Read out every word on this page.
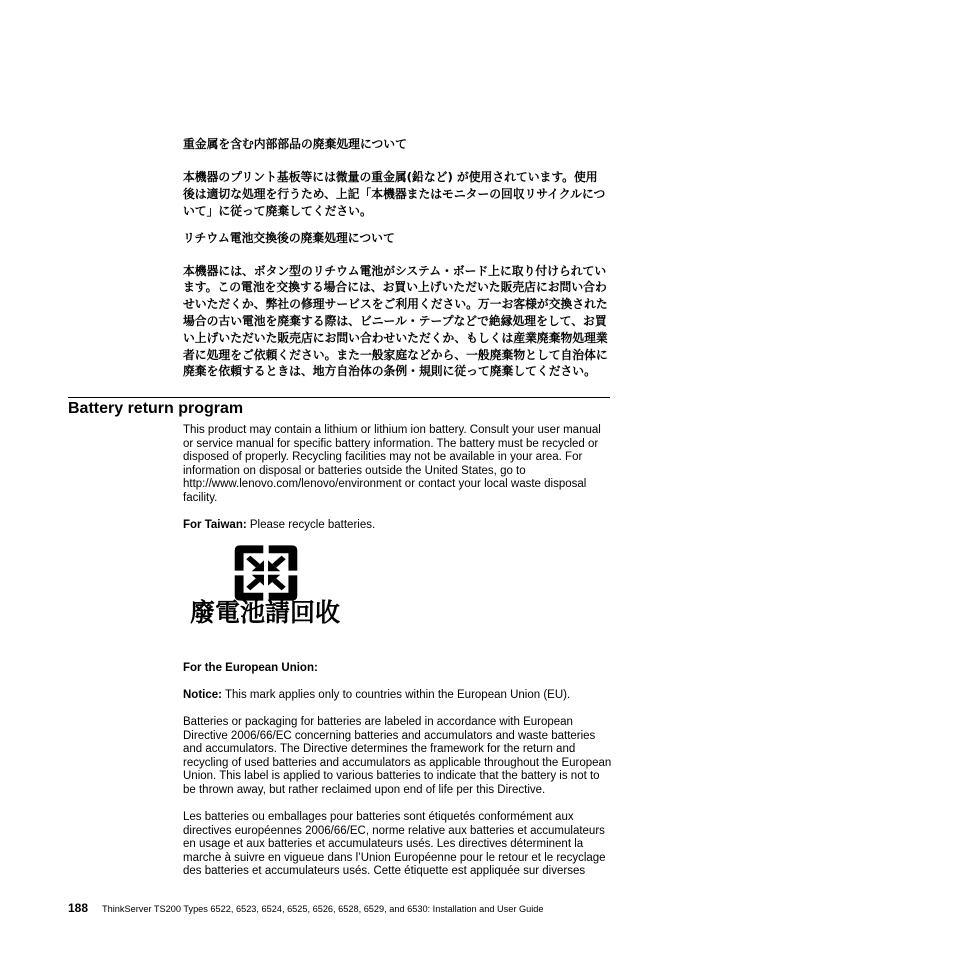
重金属を含む内部部品の廃棄処理について
本機器のプリント基板等には微量の重金属(鉛など) が使用されています。使用
後は適切な処理を行うため、上記「本機器またはモニターの回収リサイクルにつ
いて」に従って廃棄してください。
リチウム電池交換後の廃棄処理について
本機器には、ボタン型のリチウム電池がシステム・ボード上に取り付けられてい
ます。この電池を交換する場合には、お買い上げいただいた販売店にお問い合わ
せいただくか、弊社の修理サービスをご利用ください。万一お客様が交換された
場合の古い電池を廃棄する際は、ビニール・テープなどで絶縁処理をして、お買
い上げいただいた販売店にお問い合わせいただくか、もしくは産業廃棄物処理業
者に処理をご依頼ください。また一般家庭などから、一般廃棄物として自治体に
廃棄を依頼するときは、地方自治体の条例・規則に従って廃棄してください。
Battery return program
This product may contain a lithium or lithium ion battery. Consult your user manual
or service manual for specific battery information. The battery must be recycled or
disposed of properly. Recycling facilities may not be available in your area. For
information on disposal or batteries outside the United States, go to
http://www.lenovo.com/lenovo/environment or contact your local waste disposal
facility.
For Taiwan: Please recycle batteries.
廢電池請回收
For the European Union:
Notice: This mark applies only to countries within the European Union (EU).
Batteries or packaging for batteries are labeled in accordance with European
Directive 2006/66/EC concerning batteries and accumulators and waste batteries
and accumulators. The Directive determines the framework for the return and
recycling of used batteries and accumulators as applicable throughout the European
Union. This label is applied to various batteries to indicate that the battery is not to
be thrown away, but rather reclaimed upon end of life per this Directive.
Les batteries ou emballages pour batteries sont étiquetés conformément aux
directives européennes 2006/66/EC, norme relative aux batteries et accumulateurs
en usage et aux batteries et accumulateurs usés. Les directives déterminent la
marche à suivre en vigueue dans l’Union Européenne pour le retour et le recyclage
des batteries et accumulateurs usés. Cette étiquette est appliquée sur diverses
188 ThinkServer TS200 Types 6522, 6523, 6524, 6525, 6526, 6528, 6529, and 6530: Installation and User Guide
